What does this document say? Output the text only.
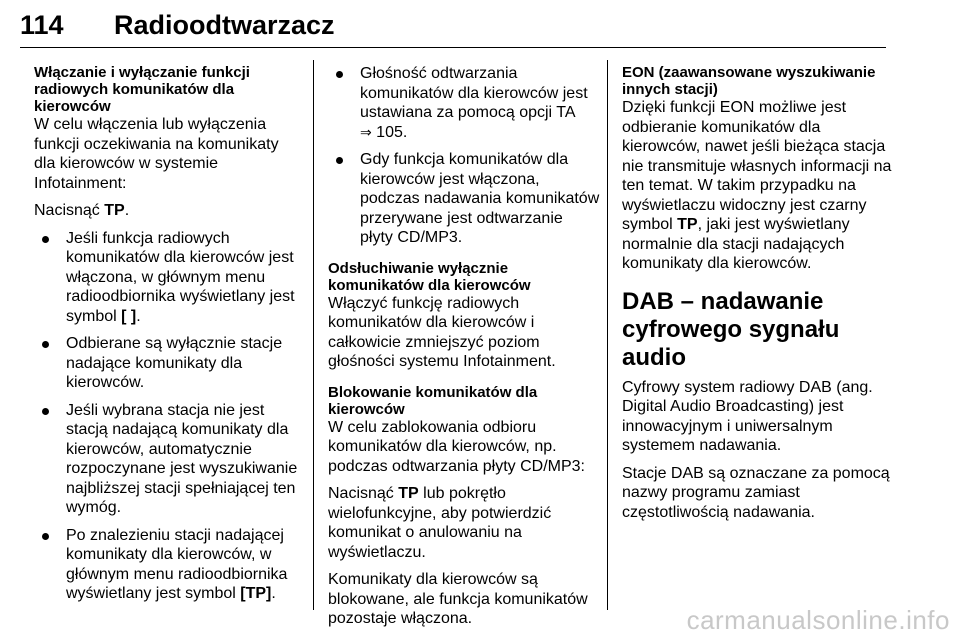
114	Radioodtwarzacz
Włączanie i wyłączanie funkcji radiowych komunikatów dla kierowców

W celu włączenia lub wyłączenia funkcji oczekiwania na komunikaty dla kierowców w systemie Infotainment:

Nacisnąć TP.

Jeśli funkcja radiowych komunikatów dla kierowców jest włączona, w głównym menu radioodbiornika wyświetlany jest symbol [ ].
Odbierane są wyłącznie stacje nadające komunikaty dla kierowców.
Jeśli wybrana stacja nie jest stacją nadającą komunikaty dla kierowców, automatycznie rozpoczynane jest wyszukiwanie najbliższej stacji spełniającej ten wymóg.
Po znalezieniu stacji nadającej komunikaty dla kierowców, w głównym menu radioodbiornika wyświetlany jest symbol [TP].
Głośność odtwarzania komunikatów dla kierowców jest ustawiana za pomocą opcji TA
⇒ 105.
Gdy funkcja komunikatów dla kierowców jest włączona, podczas nadawania komunikatów przerywane jest odtwarzanie płyty CD/MP3.
Odsłuchiwanie wyłącznie komunikatów dla kierowców

Włączyć funkcję radiowych komunikatów dla kierowców i całkowicie zmniejszyć poziom głośności systemu Infotainment.

Blokowanie komunikatów dla kierowców

W celu zablokowania odbioru komunikatów dla kierowców, np. podczas odtwarzania płyty CD/MP3:

Nacisnąć TP lub pokrętło wielofunkcyjne, aby potwierdzić komunikat o anulowaniu na wyświetlaczu.

Komunikaty dla kierowców są blokowane, ale funkcja komunikatów pozostaje włączona.

EON (zaawansowane wyszukiwanie innych stacji)

Dzięki funkcji EON możliwe jest odbieranie komunikatów dla kierowców, nawet jeśli bieżąca stacja nie transmituje własnych informacji na ten temat. W takim przypadku na wyświetlaczu widoczny jest czarny symbol TP, jaki jest wyświetlany normalnie dla stacji nadających komunikaty dla kierowców.

DAB – nadawanie cyfrowego sygnału audio

Cyfrowy system radiowy DAB (ang. Digital Audio Broadcasting) jest innowacyjnym i uniwersalnym systemem nadawania.

Stacje DAB są oznaczane za pomocą nazwy programu zamiast częstotliwością nadawania.

carmanualsonline.info
